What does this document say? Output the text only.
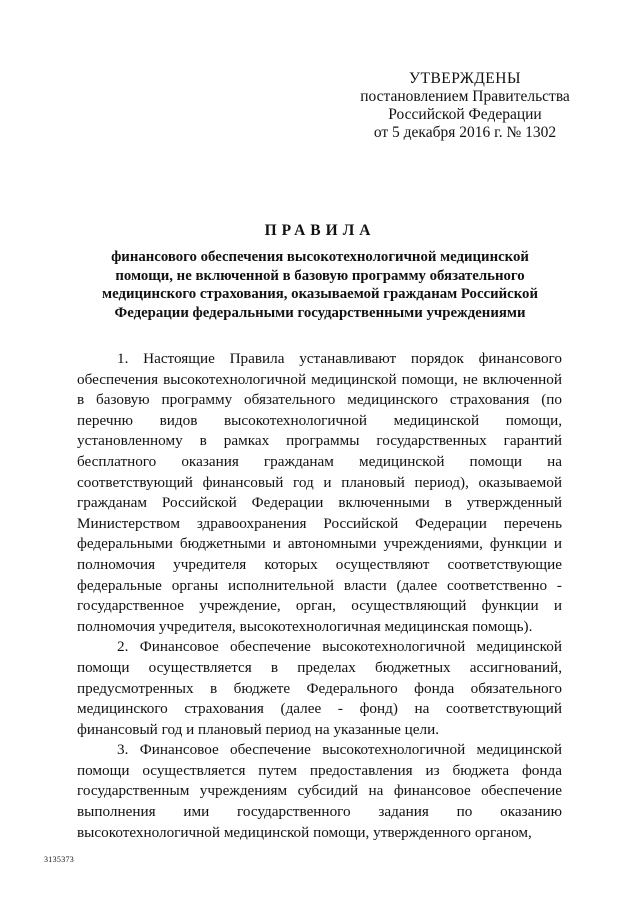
УТВЕРЖДЕНЫ
постановлением Правительства
Российской Федерации
от 5 декабря 2016 г. № 1302
ПРАВИЛА
финансового обеспечения высокотехнологичной медицинской помощи, не включенной в базовую программу обязательного медицинского страхования, оказываемой гражданам Российской Федерации федеральными государственными учреждениями

1. Настоящие Правила устанавливают порядок финансового обеспечения высокотехнологичной медицинской помощи, не включенной в базовую программу обязательного медицинского страхования (по перечню видов высокотехнологичной медицинской помощи, установленному в рамках программы государственных гарантий бесплатного оказания гражданам медицинской помощи на соответствующий финансовый год и плановый период), оказываемой гражданам Российской Федерации включенными в утвержденный Министерством здравоохранения Российской Федерации перечень федеральными бюджетными и автономными учреждениями, функции и полномочия учредителя которых осуществляют соответствующие федеральные органы исполнительной власти (далее соответственно - государственное учреждение, орган, осуществляющий функции и полномочия учредителя, высокотехнологичная медицинская помощь).

2. Финансовое обеспечение высокотехнологичной медицинской помощи осуществляется в пределах бюджетных ассигнований, предусмотренных в бюджете Федерального фонда обязательного медицинского страхования (далее - фонд) на соответствующий финансовый год и плановый период на указанные цели.

3. Финансовое обеспечение высокотехнологичной медицинской помощи осуществляется путем предоставления из бюджета фонда государственным учреждениям субсидий на финансовое обеспечение выполнения ими государственного задания по оказанию высокотехнологичной медицинской помощи, утвержденного органом,

3135373
